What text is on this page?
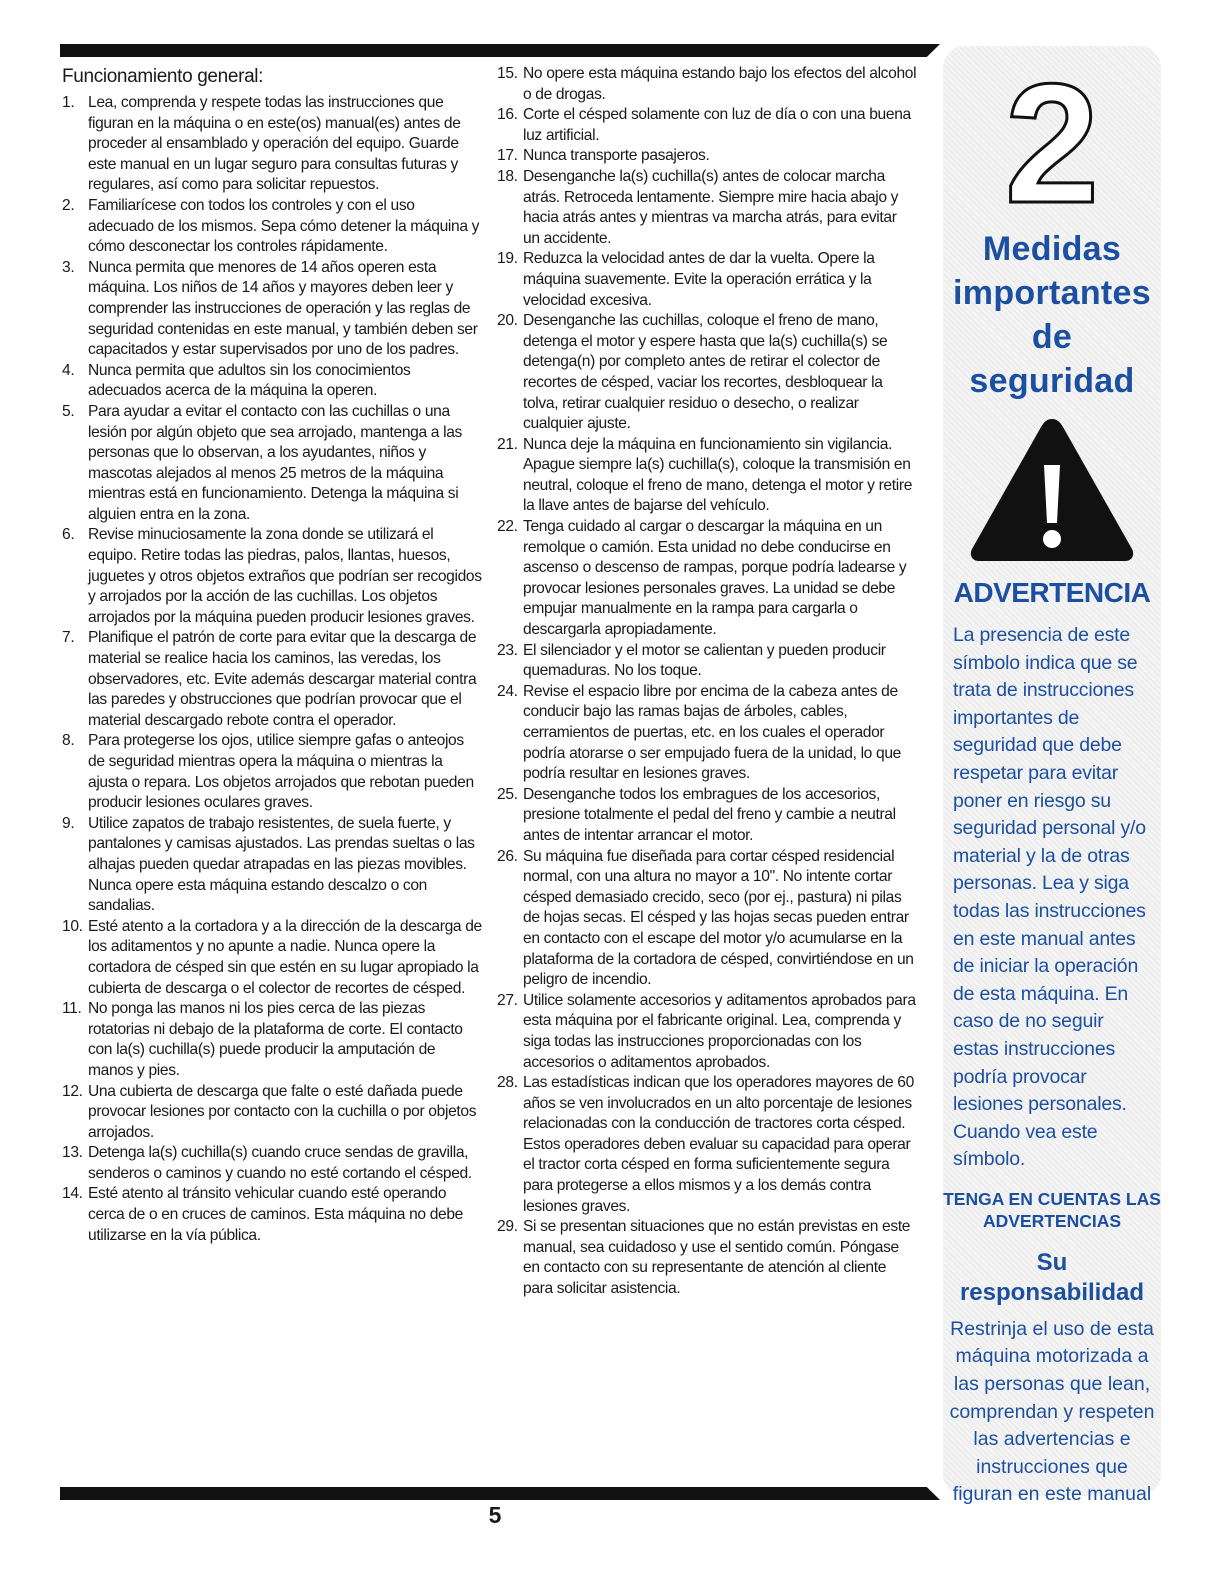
Funcionamiento general:
1. Lea, comprenda y respete todas las instrucciones que figuran en la máquina o en este(os) manual(es) antes de proceder al ensamblado y operación del equipo. Guarde este manual en un lugar seguro para consultas futuras y regulares, así como para solicitar repuestos.
2. Familiarícese con todos los controles y con el uso adecuado de los mismos. Sepa cómo detener la máquina y cómo desconectar los controles rápidamente.
3. Nunca permita que menores de 14 años operen esta máquina. Los niños de 14 años y mayores deben leer y comprender las instrucciones de operación y las reglas de seguridad contenidas en este manual, y también deben ser capacitados y estar supervisados por uno de los padres.
4. Nunca permita que adultos sin los conocimientos adecuados acerca de la máquina la operen.
5. Para ayudar a evitar el contacto con las cuchillas o una lesión por algún objeto que sea arrojado, mantenga a las personas que lo observan, a los ayudantes, niños y mascotas alejados al menos 25 metros de la máquina mientras está en funcionamiento. Detenga la máquina si alguien entra en la zona.
6. Revise minuciosamente la zona donde se utilizará el equipo. Retire todas las piedras, palos, llantas, huesos, juguetes y otros objetos extraños que podrían ser recogidos y arrojados por la acción de las cuchillas. Los objetos arrojados por la máquina pueden producir lesiones graves.
7. Planifique el patrón de corte para evitar que la descarga de material se realice hacia los caminos, las veredas, los observadores, etc. Evite además descargar material contra las paredes y obstrucciones que podrían provocar que el material descargado rebote contra el operador.
8. Para protegerse los ojos, utilice siempre gafas o anteojos de seguridad mientras opera la máquina o mientras la ajusta o repara. Los objetos arrojados que rebotan pueden producir lesiones oculares graves.
9. Utilice zapatos de trabajo resistentes, de suela fuerte, y pantalones y camisas ajustados. Las prendas sueltas o las alhajas pueden quedar atrapadas en las piezas movibles. Nunca opere esta máquina estando descalzo o con sandalias.
10. Esté atento a la cortadora y a la dirección de la descarga de los aditamentos y no apunte a nadie. Nunca opere la cortadora de césped sin que estén en su lugar apropiado la cubierta de descarga o el colector de recortes de césped.
11. No ponga las manos ni los pies cerca de las piezas rotatorias ni debajo de la plataforma de corte. El contacto con la(s) cuchilla(s) puede producir la amputación de manos y pies.
12. Una cubierta de descarga que falte o esté dañada puede provocar lesiones por contacto con la cuchilla o por objetos arrojados.
13. Detenga la(s) cuchilla(s) cuando cruce sendas de gravilla, senderos o caminos y cuando no esté cortando el césped.
14. Esté atento al tránsito vehicular cuando esté operando cerca de o en cruces de caminos. Esta máquina no debe utilizarse en la vía pública.
15. No opere esta máquina estando bajo los efectos del alcohol o de drogas.
16. Corte el césped solamente con luz de día o con una buena luz artificial.
17. Nunca transporte pasajeros.
18. Desenganche la(s) cuchilla(s) antes de colocar marcha atrás. Retroceda lentamente. Siempre mire hacia abajo y hacia atrás antes y mientras va marcha atrás, para evitar un accidente.
19. Reduzca la velocidad antes de dar la vuelta. Opere la máquina suavemente. Evite la operación errática y la velocidad excesiva.
20. Desenganche las cuchillas, coloque el freno de mano, detenga el motor y espere hasta que la(s) cuchilla(s) se detenga(n) por completo antes de retirar el colector de recortes de césped, vaciar los recortes, desbloquear la tolva, retirar cualquier residuo o desecho, o realizar cualquier ajuste.
21. Nunca deje la máquina en funcionamiento sin vigilancia. Apague siempre la(s) cuchilla(s), coloque la transmisión en neutral, coloque el freno de mano, detenga el motor y retire la llave antes de bajarse del vehículo.
22. Tenga cuidado al cargar o descargar la máquina en un remolque o camión. Esta unidad no debe conducirse en ascenso o descenso de rampas, porque podría ladearse y provocar lesiones personales graves. La unidad se debe empujar manualmente en la rampa para cargarla o descargarla apropiadamente.
23. El silenciador y el motor se calientan y pueden producir quemaduras. No los toque.
24. Revise el espacio libre por encima de la cabeza antes de conducir bajo las ramas bajas de árboles, cables, cerramientos de puertas, etc. en los cuales el operador podría atorarse o ser empujado fuera de la unidad, lo que podría resultar en lesiones graves.
25. Desenganche todos los embragues de los accesorios, presione totalmente el pedal del freno y cambie a neutral antes de intentar arrancar el motor.
26. Su máquina fue diseñada para cortar césped residencial normal, con una altura no mayor a 10". No intente cortar césped demasiado crecido, seco (por ej., pastura) ni pilas de hojas secas. El césped y las hojas secas pueden entrar en contacto con el escape del motor y/o acumularse en la plataforma de la cortadora de césped, convirtiéndose en un peligro de incendio.
27. Utilice solamente accesorios y aditamentos aprobados para esta máquina por el fabricante original. Lea, comprenda y siga todas las instrucciones proporcionadas con los accesorios o aditamentos aprobados.
28. Las estadísticas indican que los operadores mayores de 60 años se ven involucrados en un alto porcentaje de lesiones relacionadas con la conducción de tractores corta césped. Estos operadores deben evaluar su capacidad para operar el tractor corta césped en forma suficientemente segura para protegerse a ellos mismos y a los demás contra lesiones graves.
29. Si se presentan situaciones que no están previstas en este manual, sea cuidadoso y use el sentido común. Póngase en contacto con su representante de atención al cliente para solicitar asistencia.
2
Medidas
importantes
de
seguridad
ADVERTENCIA
La presencia de este símbolo indica que se trata de instrucciones importantes de seguridad que debe respetar para evitar poner en riesgo su seguridad personal y/o material y la de otras personas. Lea y siga todas las instrucciones en este manual antes de iniciar la operación de esta máquina. En caso de no seguir estas instrucciones podría provocar lesiones personales. Cuando vea este símbolo.
TENGA EN CUENTAS LAS ADVERTENCIAS
Su
responsabilidad
Restrinja el uso de esta máquina motorizada a las personas que lean, comprendan y respeten las advertencias e instrucciones que figuran en este manual
5
